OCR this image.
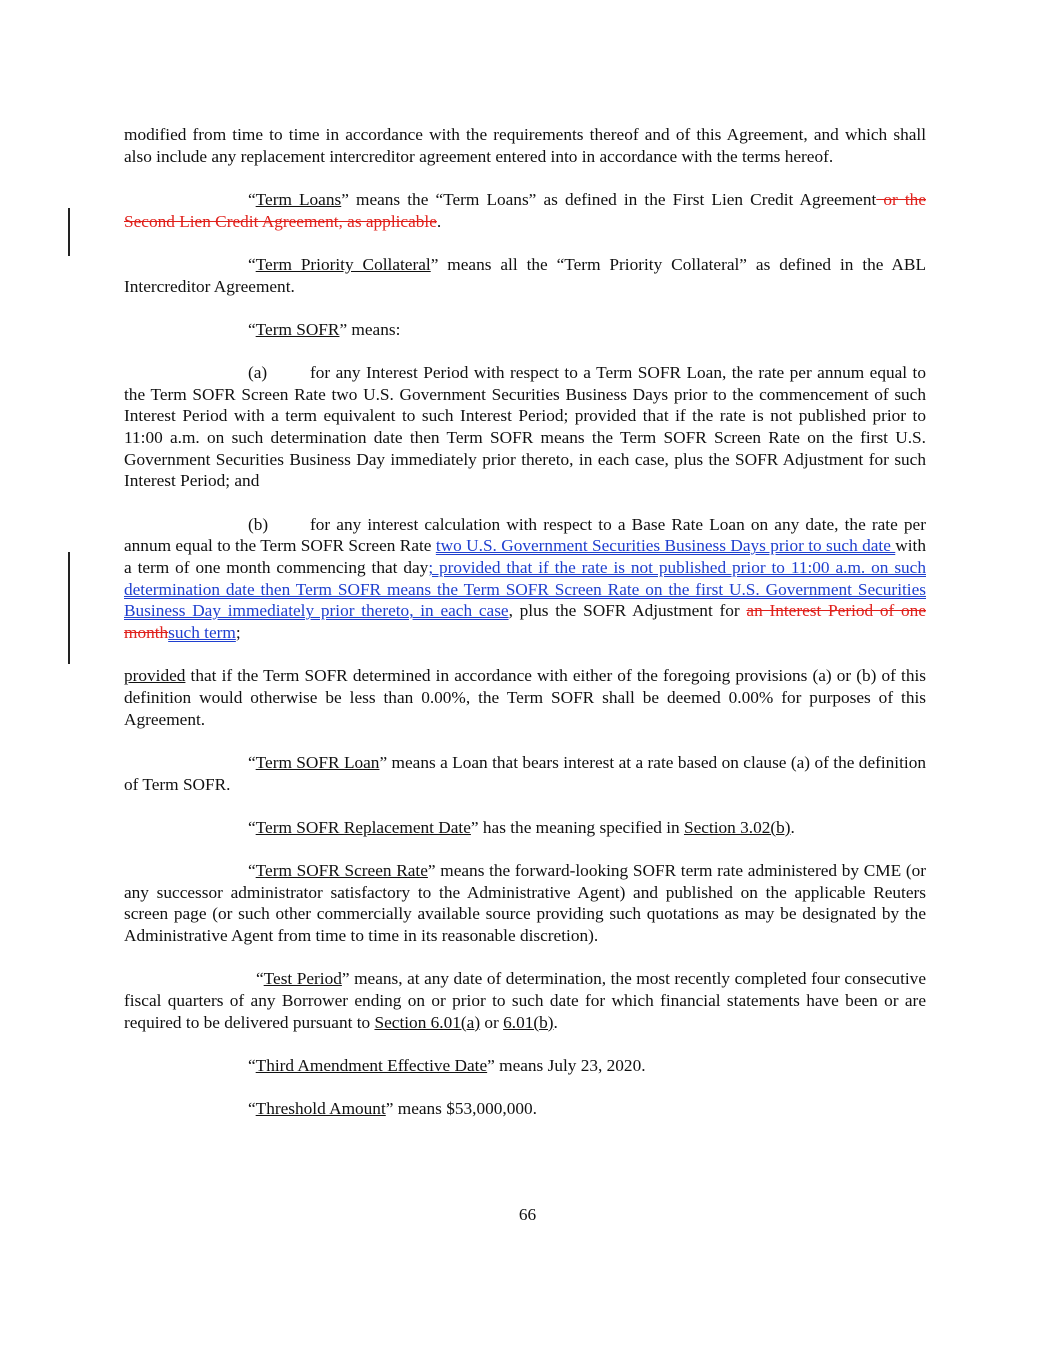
modified from time to time in accordance with the requirements thereof and of this Agreement, and which shall also include any replacement intercreditor agreement entered into in accordance with the terms hereof.

“Term Loans” means the “Term Loans” as defined in the First Lien Credit Agreement or the Second Lien Credit Agreement, as applicable.

“Term Priority Collateral” means all the “Term Priority Collateral” as defined in the ABL Intercreditor Agreement.

“Term SOFR” means:

(a) for any Interest Period with respect to a Term SOFR Loan, the rate per annum equal to the Term SOFR Screen Rate two U.S. Government Securities Business Days prior to the commencement of such Interest Period with a term equivalent to such Interest Period; provided that if the rate is not published prior to 11:00 a.m. on such determination date then Term SOFR means the Term SOFR Screen Rate on the first U.S. Government Securities Business Day immediately prior thereto, in each case, plus the SOFR Adjustment for such Interest Period; and

(b) for any interest calculation with respect to a Base Rate Loan on any date, the rate per annum equal to the Term SOFR Screen Rate two U.S. Government Securities Business Days prior to such date with a term of one month commencing that day; provided that if the rate is not published prior to 11:00 a.m. on such determination date then Term SOFR means the Term SOFR Screen Rate on the first U.S. Government Securities Business Day immediately prior thereto, in each case, plus the SOFR Adjustment for an Interest Period of one monthsuch term;

provided that if the Term SOFR determined in accordance with either of the foregoing provisions (a) or (b) of this definition would otherwise be less than 0.00%, the Term SOFR shall be deemed 0.00% for purposes of this Agreement.

“Term SOFR Loan” means a Loan that bears interest at a rate based on clause (a) of the definition of Term SOFR.

“Term SOFR Replacement Date” has the meaning specified in Section 3.02(b).

“Term SOFR Screen Rate” means the forward-looking SOFR term rate administered by CME (or any successor administrator satisfactory to the Administrative Agent) and published on the applicable Reuters screen page (or such other commercially available source providing such quotations as may be designated by the Administrative Agent from time to time in its reasonable discretion).

“Test Period” means, at any date of determination, the most recently completed four consecutive fiscal quarters of any Borrower ending on or prior to such date for which financial statements have been or are required to be delivered pursuant to Section 6.01(a) or 6.01(b).

“Third Amendment Effective Date” means July 23, 2020.

“Threshold Amount” means $53,000,000.

66
